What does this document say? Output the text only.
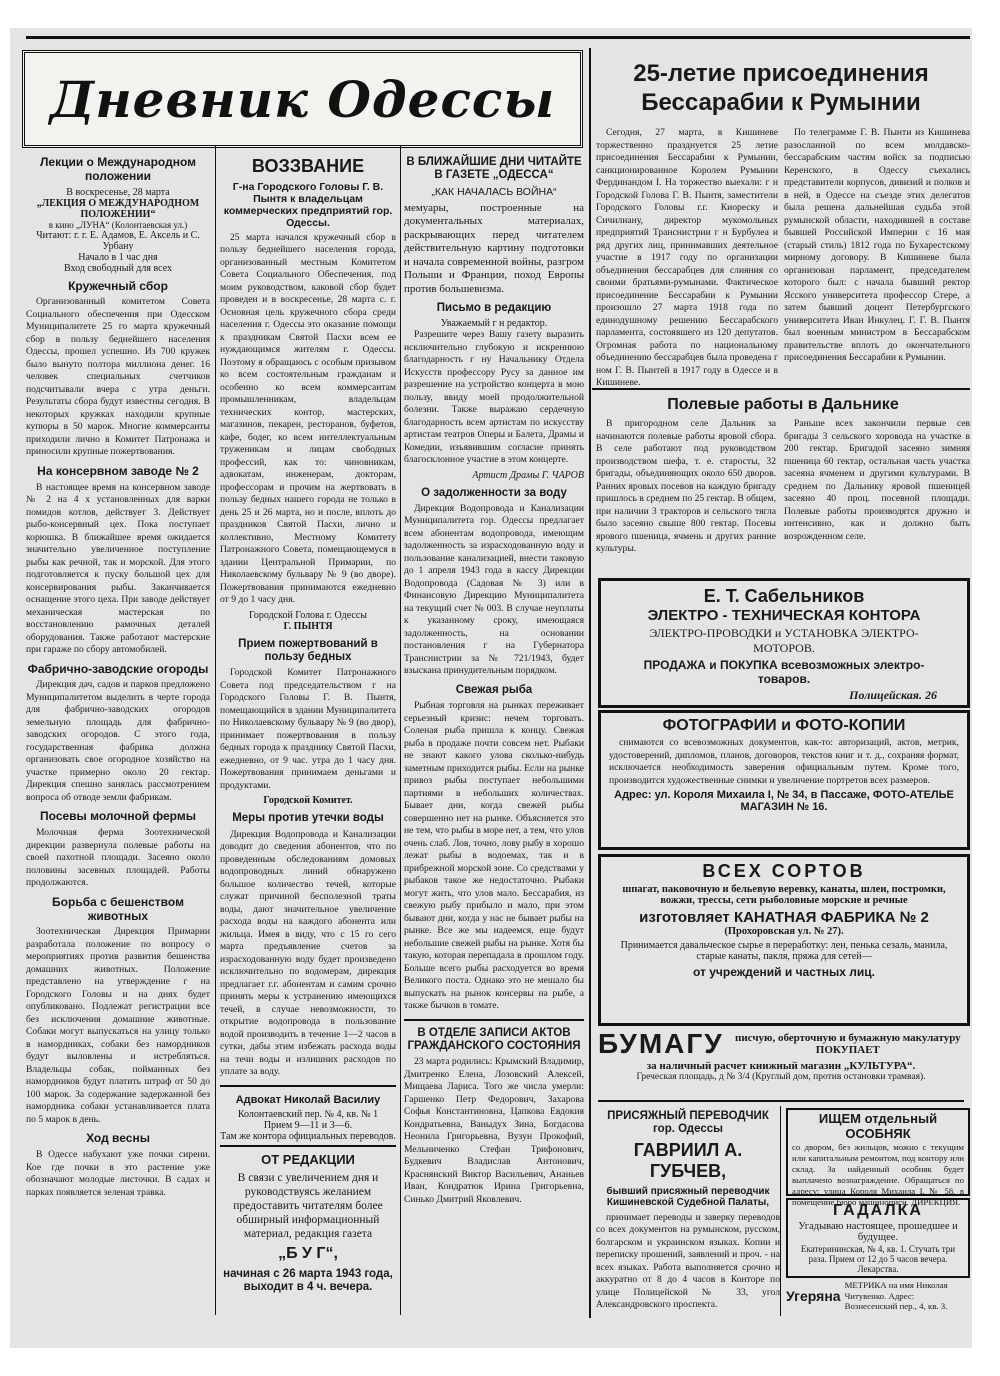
Дневник Одессы	25-летие присоединения Бессарабии к Румынии

Сегодня, 27 марта, в Кишиневе торжественно празднуется 25 летие присоединения Бессарабии к Румынии, санкционированное Королем Румынии Фердинандом I. На торжество выехали: г н Городской Голова Г. В. Пынтя, заместители Городского Головы г.г. Киореску и Сичилиану, директор мукомольных предприятий Транснистрии г н Бурбулеа и ряд других лиц, принимавших деятельное участие в 1917 году по организации объединения бессарабцев для слияния со своими братьями-румынами. Фактическое присоединение Бессарабии к Румынии произошло 27 марта 1918 года по единодушному решению Бессарабского парламента, состоявшего из 120 депутатов. Огромная работа по национальному объединению бессарабцев была проведена г ном Г. В. Пынтей в 1917 году в Одессе и в Кишиневе.

По телеграмме Г. В. Пынти из Кишинева разосланной по всем молдавско-бессарабским частям войск за подписью Керенского, в Одессу съехались представители корпусов, дивизий и полков и в ней, в Одессе на съезде этих делегатов была решена дальнейшая судьба этой румынской области, находившей в составе бывшей Российской Империи с 16 мая (старый стиль) 1812 года по Бухарестскому мирному договору. В Кишиневе была организован парламент, председателем которого был: с начала бывший ректор Ясского университета профессор Стере, а затем бывший доцент Петербургского университета Иван Инкулец. Г. Г. В. Пынтя был военным министром в Бессарабском правительстве вплоть до окончательного присоединения Бессарабии к Румынии.

Лекции о Международном положении
В воскресенье, 28 марта
„ЛЕКЦИЯ О МЕЖДУНАРОДНОМ ПОЛОЖЕНИИ“
в кино „ЛУНА“ (Колонтаевская ул.)
Читают: г. г. Е. Адамов, Е. Аксель и С. Урбану
Начало в 1 час дня
Вход свободный для всех
Кружечный сбор

Организованный комитетом Совета Социального обеспечения при Одесском Муниципалитете 25 го марта кружечный сбор в пользу беднейшего населения Одессы, прошел успешно. Из 700 кружек было вынуто полтора миллиона денег. 16 человек специальных счетчиков подсчитывали вчера с утра деньги. Результаты сбора будут известны сегодня. В некоторых кружках находили крупные купюры в 50 марок. Многие коммерсанты приходили лично в Комитет Патронажа и приносили крупные пожертвования.

На консервном заводе № 2

В настоящее время на консервном заводе № 2 на 4 х установленных для варки помидов котлов, действует 3. Действует рыбо-консервный цех. Пока поступает корюшка. В ближайшее время ожидается значительно увеличенное поступление рыбы как речной, так и морской. Для этого подготовляется к пуску большой цех для консервирования рыбы. Заканчивается оснащение этого цеха. При заводе действует механическая мастерская по восстановлению рамочных деталей оборудования. Также работают мастерские при гараже по сбору автомобилей.

Фабрично-заводские огороды

Дирекция дач, садов и парков предложено Муниципалитетом выделить в черте города для фабрично-заводских огородов земельную площадь для фабрично-заводских огородов. С этого года, государственная фабрика должна организовать свое огородное хозяйство на участке примерно около 20 гектар. Дирекция спешно занялась рассмотрением вопроса об отводе земли фабрикам.

Посевы молочной фермы

Молочная ферма Зоотехнической дирекции развернула полевые работы на своей пахотной площади. Засеяно около половины засевных площадей. Работы продолжаются.

Борьба с бешенством животных

Зоотехническая Дирекция Примарии разработала положение по вопросу о мероприятиях против развития бешенства домашних животных. Положение представлено на утверждение г на Городского Головы и на днях будет опубликовано. Подлежат регистрации все без исключения домашние животные. Собаки могут выпускаться на улицу только в намордниках, собаки без намордников будут выловлены и истребляться. Владельцы собак, пойманных без намордников будут платить штраф от 50 до 100 марок. За содержание задержанной без намордника собаки устанавливается плата по 5 марок в день.

Ход весны

В Одессе набухают уже почки сирени. Кое где почки в это растение уже обозначают молодые листочки. В садах и парках появляется зеленая травка.

ВОЗЗВАНИЕ
Г-на Городского Головы Г. В. Пынтя к владельцам коммерческих предприятий гор. Одессы.

25 марта начался кружечный сбор в пользу беднейшего населения города, организованный местным Комитетом Совета Социального Обеспечения, под моим руководством, каковой сбор будет проведен и в воскресенье, 28 марта с. г. Основная цель кружечного сбора среди населения г. Одессы это оказание помощи к праздникам Святой Пасхи всем ее нуждающимся жителям г. Одессы. Поэтому я обращаюсь с особым призывом ко всем состоятельным гражданам и особенно ко всем коммерсантам промышленникам, владельцам технических контор, мастерских, магазинов, пекарен, ресторанов, буфетов, кафе, бодег, ко всем интеллектуальным труженикам и лицам свободных профессий, как то: чиновникам, адвокатам, инженерам, докторам, профессорам и прочим на жертвовать в пользу бедных нашего города не только в день 25 и 26 марта, но и после, вплоть до праздников Святой Пасхи, лично и коллективно, Местному Комитету Патронажного Совета, помещающемуся в здании Центральной Примарии, по Николаевскому бульвару № 9 (во дворе). Пожертвования принимаются ежедневно от 9 до 1 часу дня.

Городской Голова г. Одессы
Г. ПЫНТЯ
Прием пожертвований в пользу бедных

Городской Комитет Патронажного Совета под председательством г на Городского Головы Г. В. Пынтя, помещающийся в здании Муниципалитета по Николаевскому бульвару № 9 (во двор), принимает пожертвования в пользу бедных города к празднику Святой Пасхи, ежедневно, от 9 час. утра до 1 часу дня. Пожертвования принимаем деньгами и продуктами.

Городской Комитет.
Меры против утечки воды

Дирекция Водопровода и Канализации доводит до сведения абонентов, что по проведенным обследованиям домовых водопроводных линий обнаружено большое количество течей, которые служат причиной бесполезной траты воды, дают значительное увеличение расхода воды на каждого абонента или жильца. Имея в виду, что с 15 го сего марта предъявление счетов за израсходованную воду будет произведено исключительно по водомерам, дирекция предлагает г.г. абонентам и самим срочно принять меры к устранению имеющихся течей, в случае невозможности, то открытие водопровода в пользование водой производить в течение 1—2 часов в сутки, дабы этим избежать расхода воды на течи воды и излишних расходов по уплате за воду.

Адвокат Николай Василиу
Колонтаевский пер. № 4, кв. № 1
Прием 9—11 и 3—6.
Там же контора официальных переводов.
ОТ РЕДАКЦИИ

В связи с увеличением дня и руководствуясь желанием предоставить читателям более обширный информационный материал, редакция газета

„Б У Г“,
начиная с 26 марта 1943 года, выходит в 4 ч. вечера.
В БЛИЖАЙШИЕ ДНИ ЧИТАЙТЕ В ГАЗЕТЕ „ОДЕССА“
„КАК НАЧАЛАСЬ ВОЙНА“

мемуары, построенные на документальных материалах, раскрывающих перед читателем действительную картину подготовки и начала современной войны, разгром Польши и Франции, поход Европы против большевизма.

Письмо в редакцию
Уважаемый г н редактор.

Разрешите через Вашу газету выразить исключительно глубокую и искреннюю благодарность г ну Начальнику Отдела Искусств профессору Русу за данное им разрешение на устройство концерта в мою пользу, ввиду моей продолжительной болезни. Также выражаю сердечную благодарность всем артистам по искусству артистам театров Оперы и Балета, Драмы и Комедии, изъявившим согласие принять благосклонное участие в этом концерте.

Артист Драмы Г. ЧАРОВ
О задолженности за воду

Дирекция Водопровода и Канализации Муниципалитета гор. Одессы предлагает всем абонентам водопровода, имеющим задолженность за израсходованную воду и пользование канализацией, внести таковую до 1 апреля 1943 года в кассу Дирекции Водопровода (Садовая № 3) или в Финансовую Дирекцию Муниципалитета на текущий счет № 003. В случае неуплаты к указанному сроку, имеющаяся задолженность, на основании постановления г на Губернатора Транснистрии за № 721/1943, будет взыскана принудительным порядком.

Свежая рыба

Рыбная торговля на рынках переживает серьезный кризис: нечем торговать. Соленая рыба пришла к концу. Свежая рыба в продаже почти совсем нет. Рыбаки не знают какого улова сколько-нибудь заметным приходится рыбы. Если на рынке привоз рыбы поступает небольшими партиями в небольших количествах. Бывает дни, когда свежей рыбы совершенно нет на рынке. Объясняется это не тем, что рыбы в море нет, а тем, что улов очень слаб. Лов, точно, лову рыбу в хорошо лежат рыбы в водоемах, так и в прибрежной морской зоне. Со средствами у рыбаков такое же недостаточно. Рыбаки могут жить, что улов мало. Бессарабия, из свежую рыбу прибыло и мало, при этом бывают дни, когда у нас не бывает рыбы на рынке. Все же мы надеемся, еще будут небольшие свежей рыбы на рынке. Хотя бы такую, которая перепадала в прошлом году. Больше всего рыбы расходуется во время Великого поста. Однако это не мешало бы выпускать на рынок консервы на рыбе, а также бычков в томате.

В ОТДЕЛЕ ЗАПИСИ АКТОВ ГРАЖДАНСКОГО СОСТОЯНИЯ

23 марта родились: Крымский Владимир, Дмитренко Елена, Лозовский Алексей, Мищаева Лариса. Того же числа умерли: Гаршенко Петр Федорович, Захарова Софья Константиновна, Цапкова Евдокия Кондратьевна, Ваныдух Зина, Богдасова Неонила Григорьевна, Вузун Прокофий, Мельниченко Стефан Трифонович, Будкевич Владислав Антонович, Краснянский Виктор Васильевич, Ананьев Иван, Кондратюк Ирина Григорьевна, Синько Дмитрий Яковлевич.

Полевые работы в Дальнике

В пригородном селе Дальник за начинаются полевые работы яровой сбора. В селе работают под руководством производством шефа, т. е. старосты, 32 бригады, объединяющих около 650 дворов. Ранних яровых посевов на каждую бригаду пришлось в среднем по 25 гектар. В общем, при наличии 3 тракторов и сельского тягла было засеяно свыше 800 гектар. Посевы ярового пшеница, ячмень и других ранние культуры.

Раньше всех закончили первые сев бригады 3 сельского хоровода на участке в 200 гектар. Бригадой засеяно зимняя пшеница 60 гектар, остальная часть участка засеяна ячменем и другими культурами. В среднем по Дальнику яровой пшеницей засеяно 40 проц. посевной площади. Полевые работы производятся дружно и интенсивно, как и должно быть возрожденном селе.

Е. Т. Сабельников
ЭЛЕКТРО - ТЕХНИЧЕСКАЯ КОНТОРА
ЭЛЕКТРО-ПРОВОДКИ и УСТАНОВКА ЭЛЕКТРО-МОТОРОВ.
ПРОДАЖА и ПОКУПКА всевозможных электро-товаров.
Полицейская. 26
ФОТОГРАФИИ и ФОТО-КОПИИ

снимаются со всевозможных документов, как-то: авторизаций, актов, метрик, удостоверений, дипломов, планов, договоров, текстов книг и т. д., сохраняя формат, исключается необходимость заверения официальным путем. Кроме того, производится художественные снимки и увеличение портретов всех размеров.

Адрес: ул. Короля Михаила I, № 34, в Пассаже, ФОТО-АТЕЛЬЕ МАГАЗИН № 16.
ВСЕХ СОРТОВ
шпагат, паковочную и бельевую веревку, канаты, шлеи, постромки, вожжи, трессы, сети рыболовные морские и речные
изготовляет КАНАТНАЯ ФАБРИКА № 2
(Прохоровская ул. № 27).
Принимается давальческое сырье в переработку: лен, пенька сезаль, манила, старые канаты, пакля, пряжа для сетей—
от учреждений и частных лиц.
БУМАГУ	писчую, оберточную и бумажную макулатуру ПОКУПАЕТ
за наличный расчет книжный магазин „КУЛЬТУРА“.
Греческая площадь, д № 3/4 (Круглый дом, против остановки трамвая).
ПРИСЯЖНЫЙ ПЕРЕВОДЧИК гор. Одессы
ГАВРИИЛ А. ГУБЧЕВ,
бывший присяжный переводчик Кишиневской Судебной Палаты,

принимает переводы и заверку переводов со всех документов на румынском, русском, болгарском и украинском языках. Копии и переписку прошений, заявлений и проч. - на всех языках. Работа выполняется срочно и аккуратно от 8 до 4 часов в Конторе по улице Полицейской № 33, угол Александровского проспекта.

ИЩЕМ отдельный ОСОБНЯК

со двором, без жильцов, можно с текущим или капитальным ремонтом, под контору или склад. За найденный особняк будет выплачено вознаграждение. Обращаться по адресу: улица Короля Михаила I, № 58, в помещение бюро машинописи. ДИРЕКЦИЯ.

ГАДАЛКА
Угадываю настоящее, прошедшее и будущее.
Екатерининская, № 4, кв. 1. Стучать три раза. Прием от 12 до 5 часов вечера. Лекарства.
Угеряна
МЕТРИКА на имя Николая Читувенко. Адрес: Вознесенский пер., 4, кв. 3.
